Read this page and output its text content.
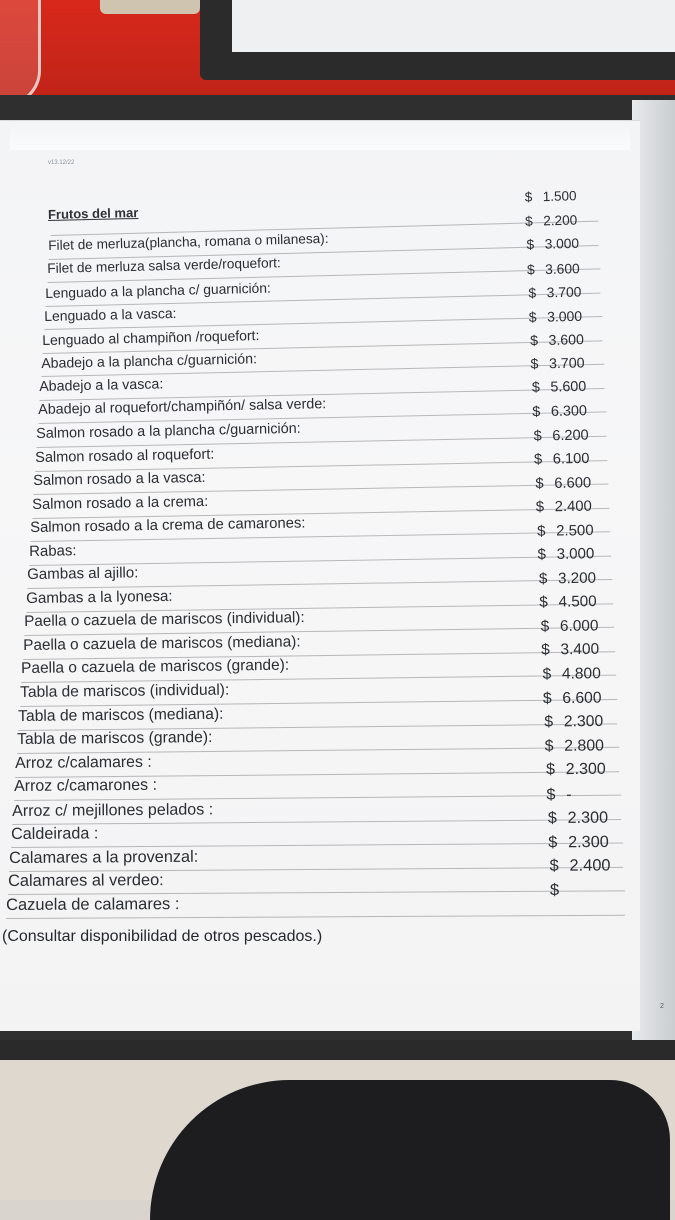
v13.12/22
Frutos del mar
$ 1.500
Filet de merluza(plancha, romana o milanesa):
$ 2.200
Filet de merluza salsa verde/roquefort:
$ 3.000
Lenguado a la plancha c/ guarnición:
$ 3.600
Lenguado a la vasca:
$ 3.700
Lenguado al champiñon /roquefort:
$ 3.000
Abadejo a la plancha c/guarnición:
$ 3.600
Abadejo a la vasca:
$ 3.700
Abadejo al roquefort/champiñón/ salsa verde:
$ 5.600
Salmon rosado a la plancha c/guarnición:
$ 6.300
Salmon rosado al roquefort:
$ 6.200
Salmon rosado a la vasca:
$ 6.100
Salmon rosado a la crema:
$ 6.600
Salmon rosado a la crema de camarones:
$ 2.400
Rabas:
$ 2.500
Gambas al ajillo:
$ 3.000
Gambas a la lyonesa:
$ 3.200
Paella o cazuela de mariscos (individual):
$ 4.500
Paella o cazuela de mariscos (mediana):
$ 6.000
Paella o cazuela de mariscos (grande):
$ 3.400
Tabla de mariscos (individual):
$ 4.800
Tabla de mariscos (mediana):
$ 6.600
Tabla de mariscos (grande):
$ 2.300
Arroz c/calamares :
$ 2.800
Arroz c/camarones :
$ 2.300
Arroz c/ mejillones pelados :
$ -
Caldeirada :
$ 2.300
Calamares a la provenzal:
$ 2.300
Calamares al verdeo:
$ 2.400
Cazuela de calamares :
$
(Consultar disponibilidad de otros pescados.)
2
